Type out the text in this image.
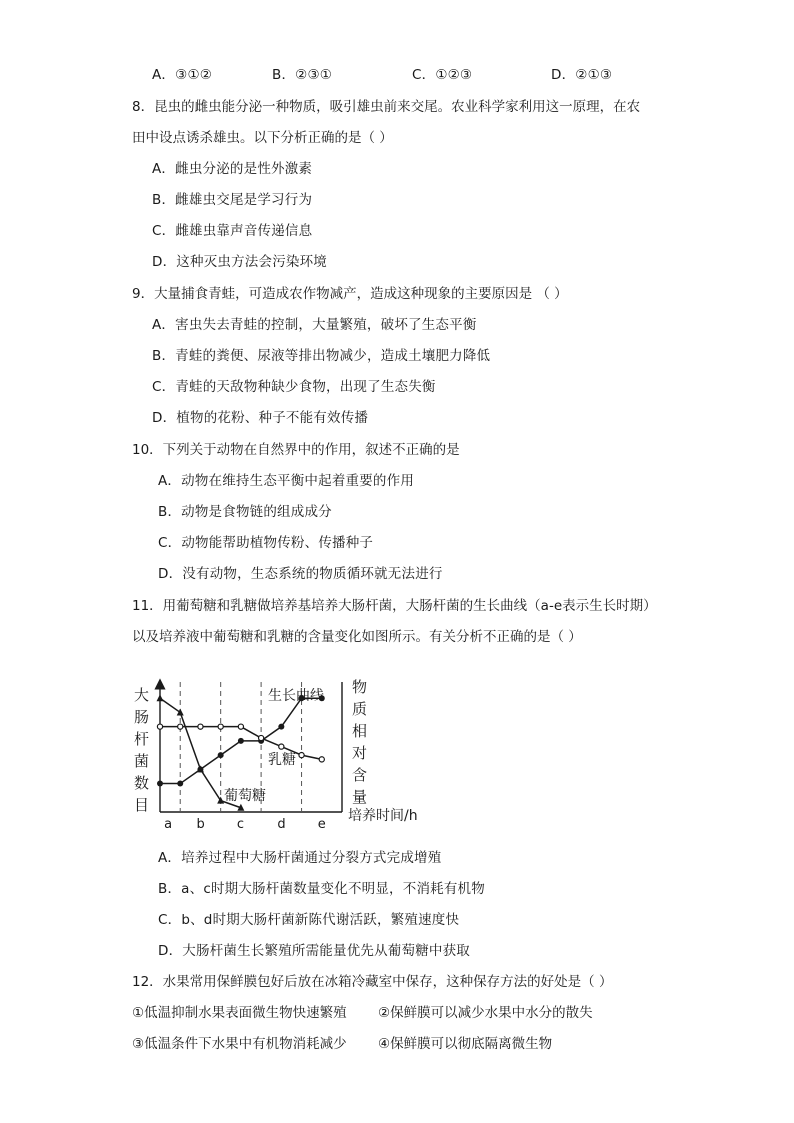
A．③①②	B．②③①	C．①②③	D．②①③
8．昆虫的雌虫能分泌一种物质，吸引雄虫前来交尾。农业科学家利用这一原理，在农
田中设点诱杀雄虫。以下分析正确的是（ ）
A．雌虫分泌的是性外激素
B．雌雄虫交尾是学习行为
C．雌雄虫靠声音传递信息
D．这种灭虫方法会污染环境
9．大量捕食青蛙，可造成农作物减产，造成这种现象的主要原因是 （ ）
A．害虫失去青蛙的控制，大量繁殖，破坏了生态平衡
B．青蛙的粪便、尿液等排出物减少，造成土壤肥力降低
C．青蛙的天敌物种缺少食物，出现了生态失衡
D．植物的花粉、种子不能有效传播
10．下列关于动物在自然界中的作用，叙述不正确的是
A．动物在维持生态平衡中起着重要的作用
B．动物是食物链的组成成分
C．动物能帮助植物传粉、传播种子
D．没有动物，生态系统的物质循环就无法进行
11．用葡萄糖和乳糖做培养基培养大肠杆菌，大肠杆菌的生长曲线（a-e表示生长时期）
以及培养液中葡萄糖和乳糖的含量变化如图所示。有关分析不正确的是（ ）
大
肠
杆
菌
数
目
物
质
相
对
含
量
a b c	d e
培养时间/h
生长曲线
乳糖
葡萄糖
A．培养过程中大肠杆菌通过分裂方式完成增殖
B．a、c时期大肠杆菌数量变化不明显，不消耗有机物
C．b、d时期大肠杆菌新陈代谢活跃，繁殖速度快
D．大肠杆菌生长繁殖所需能量优先从葡萄糖中获取
12．水果常用保鲜膜包好后放在冰箱冷藏室中保存，这种保存方法的好处是（ ）
①低温抑制水果表面微生物快速繁殖 ②保鲜膜可以减少水果中水分的散失
③低温条件下水果中有机物消耗减少 ④保鲜膜可以彻底隔离微生物
